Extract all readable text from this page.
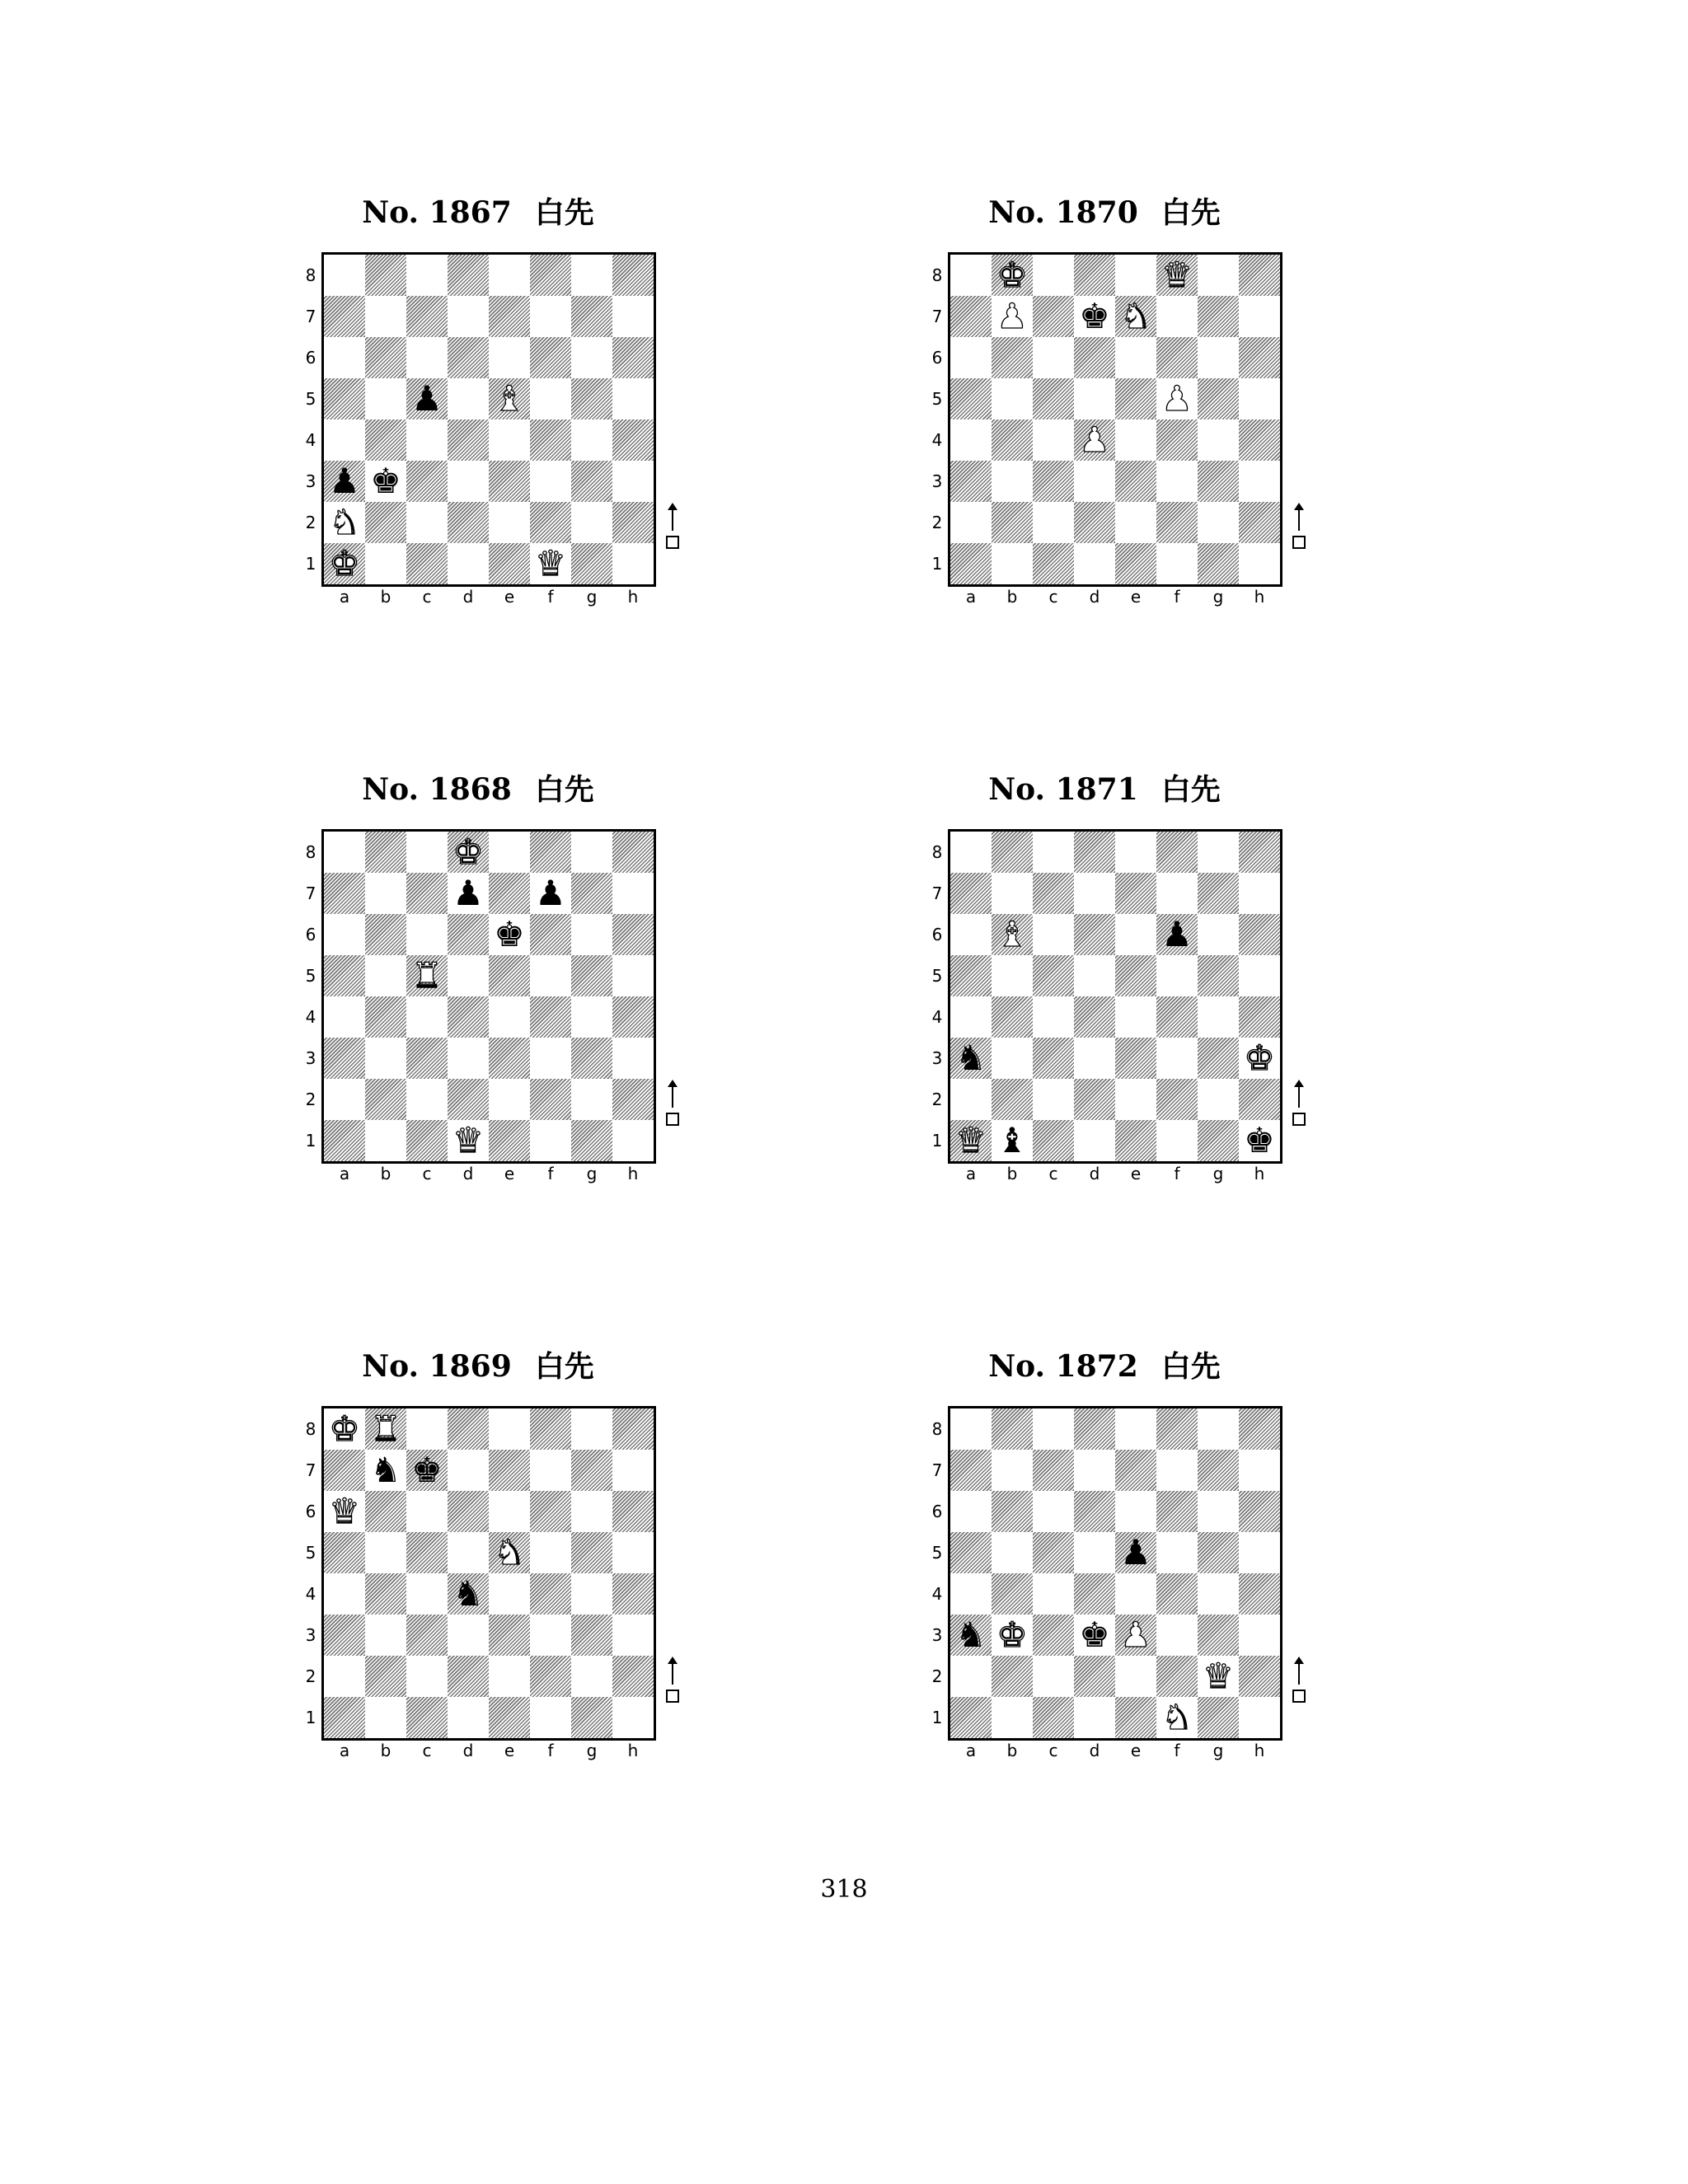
No. 1867 白先
♟ ♝
♟ ♚
♞
♚	♛
8
7
6
5
4
3
2
1
a	b	c	d	e	f	g	h
No. 1868 白先
♚
♟ ♟
♚
♜
♛
8
7
6
5
4
3
2
1
a	b	c	d	e	f	g	h
No. 1869 白先
♚ ♜
♞ ♚
♛
♞
♞
8
7
6
5
4
3
2
1
a	b	c	d	e	f	g	h
No. 1870 白先
♚	♛
♟ ♚ ♞
♟
♟
8
7
6
5
4
3
2
1
a	b	c	d	e	f	g	h
No. 1871 白先
♝	♟
♞	♚
♛ ♝	♚
8
7
6
5
4
3
2
1
a	b	c	d	e	f	g	h
No. 1872 白先
♟
♞ ♚ ♚ ♟
♛
♞
8
7
6
5
4
3
2
1
a	b	c	d	e	f	g	h
318
